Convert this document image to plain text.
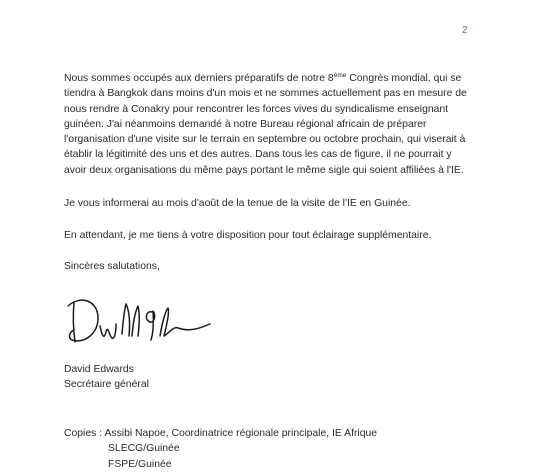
2

Nous sommes occupés aux derniers préparatifs de notre 8ème Congrès mondial, qui se tiendra à Bangkok dans moins d'un mois et ne sommes actuellement pas en mesure de nous rendre à Conakry pour rencontrer les forces vives du syndicalisme enseignant guinéen. J'ai néanmoins demandé à notre Bureau régional africain de préparer l'organisation d'une visite sur le terrain en septembre ou octobre prochain, qui viserait à établir la légitimité des uns et des autres. Dans tous les cas de figure, il ne pourrait y avoir deux organisations du même pays portant le même sigle qui soient affiliées à l'IE.

Je vous informerai au mois d'août de la tenue de la visite de l'IE en Guinée.

En attendant, je me tiens à votre disposition pour tout éclairage supplémentaire.

Sincères salutations,

David Edwards
Secrétaire général
Copies : Assibi Napoe, Coordinatrice régionale principale, IE Afrique
SLECG/Guinée
FSPE/Guinée
